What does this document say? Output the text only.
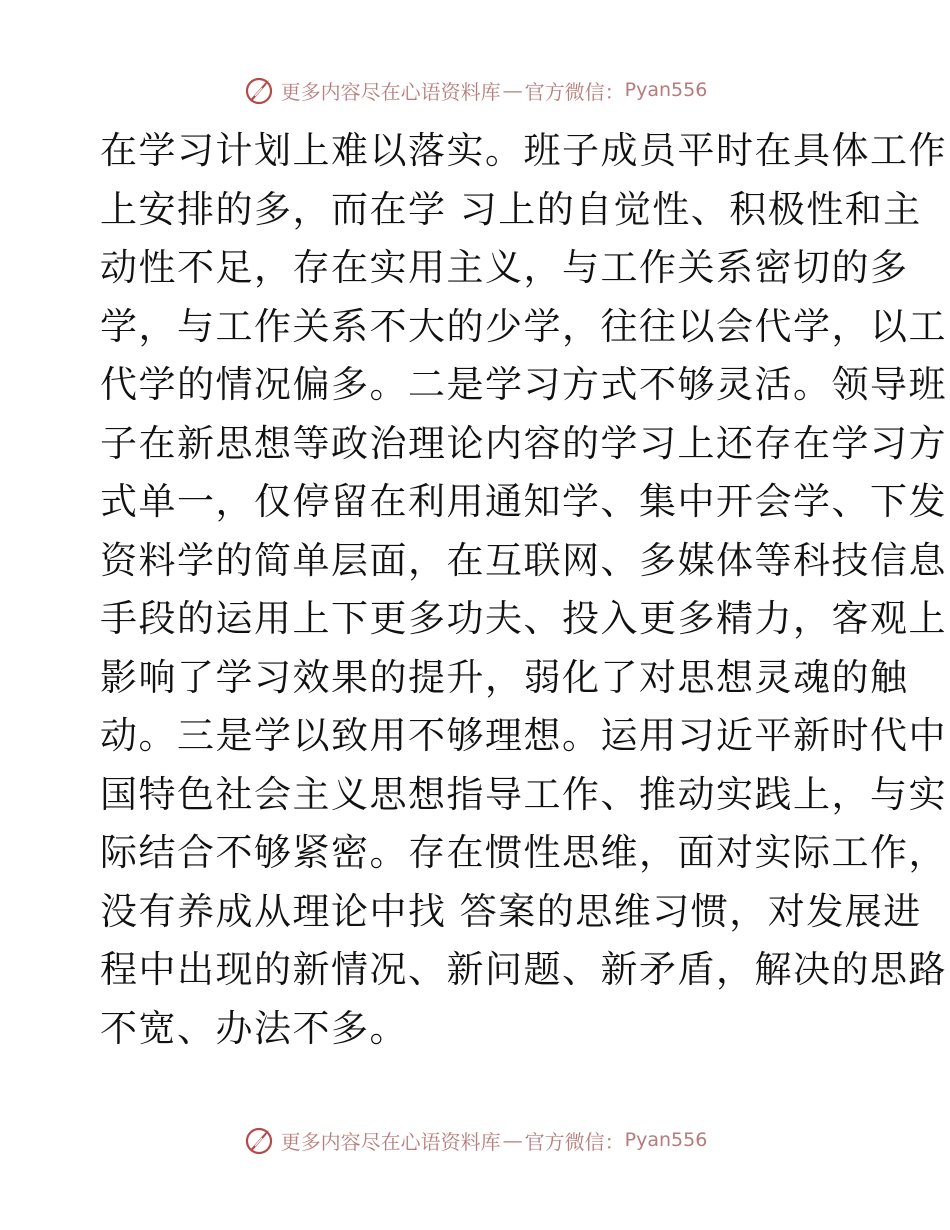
更多内容尽在心语资料库 — 官方微信： Pyan556
在学习计划上难以落实。班子成员平时在具体工作
上安排的多，而在学 习上的自觉性、积极性和主
动性不足，存在实用主义，与工作关系密切的多
学，与工作关系不大的少学，往往以会代学，以工
代学的情况偏多。二是学习方式不够灵活。领导班
子在新思想等政治理论内容的学习上还存在学习方
式单一，仅停留在利用通知学、集中开会学、下发
资料学的简单层面，在互联网、多媒体等科技信息
手段的运用上下更多功夫、投入更多精力，客观上
影响了学习效果的提升，弱化了对思想灵魂的触
动。三是学以致用不够理想。运用习近平新时代中
国特色社会主义思想指导工作、推动实践上，与实
际结合不够紧密。存在惯性思维，面对实际工作，
没有养成从理论中找 答案的思维习惯，对发展进
程中出现的新情况、新问题、新矛盾，解决的思路
不宽、办法不多。
更多内容尽在心语资料库 — 官方微信： Pyan556
